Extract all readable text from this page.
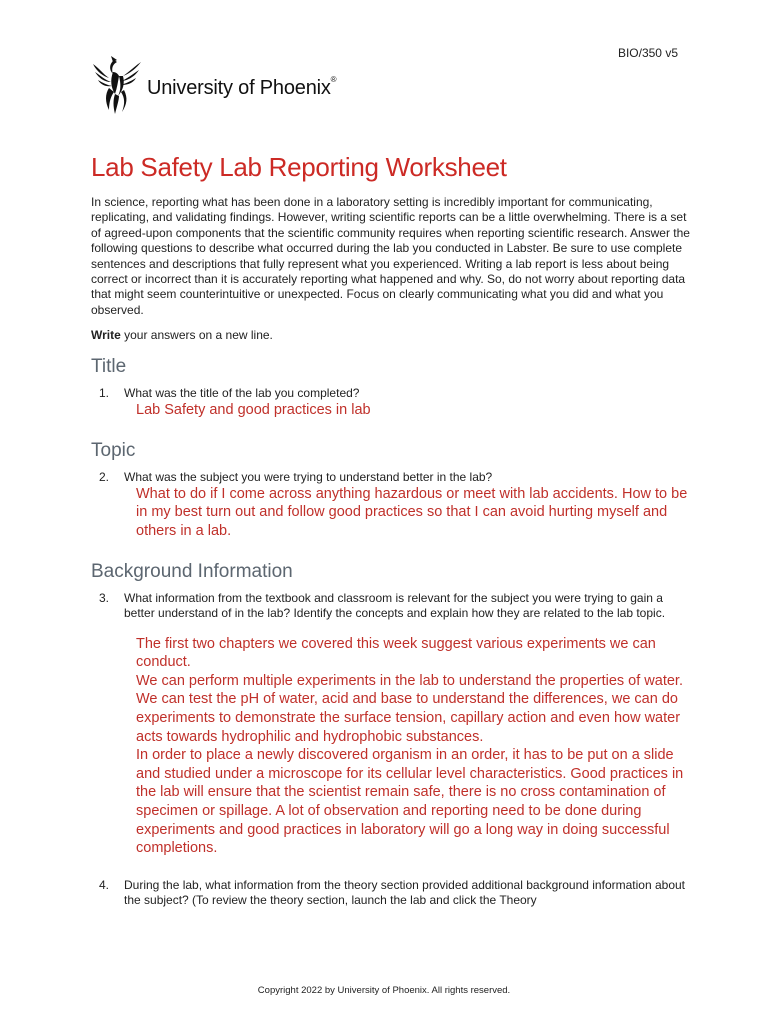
BIO/350 v5
University of Phoenix®
Lab Safety Lab Reporting Worksheet

In science, reporting what has been done in a laboratory setting is incredibly important for communicating, replicating, and validating findings. However, writing scientific reports can be a little overwhelming. There is a set of agreed-upon components that the scientific community requires when reporting scientific research. Answer the following questions to describe what occurred during the lab you conducted in Labster. Be sure to use complete sentences and descriptions that fully represent what you experienced. Writing a lab report is less about being correct or incorrect than it is accurately reporting what happened and why. So, do not worry about reporting data that might seem counterintuitive or unexpected. Focus on clearly communicating what you did and what you observed.

Write your answers on a new line.

Title
1.	What was the title of the lab you completed?
Lab Safety and good practices in lab
Topic
2.	What was the subject you were trying to understand better in the lab?
What to do if I come across anything hazardous or meet with lab accidents. How to be in my best turn out and follow good practices so that I can avoid hurting myself and others in a lab.
Background Information
3.	What information from the textbook and classroom is relevant for the subject you were trying to gain a better understand of in the lab? Identify the concepts and explain how they are related to the lab topic.
The first two chapters we covered this week suggest various experiments we can conduct.
We can perform multiple experiments in the lab to understand the properties of water. We can test the pH of water, acid and base to understand the differences, we can do experiments to demonstrate the surface tension, capillary action and even how water acts towards hydrophilic and hydrophobic substances.
In order to place a newly discovered organism in an order, it has to be put on a slide and studied under a microscope for its cellular level characteristics. Good practices in the lab will ensure that the scientist remain safe, there is no cross contamination of specimen or spillage. A lot of observation and reporting need to be done during experiments and good practices in laboratory will go a long way in doing successful completions.
4.	During the lab, what information from the theory section provided additional background information about the subject? (To review the theory section, launch the lab and click the Theory
Copyright 2022 by University of Phoenix. All rights reserved.
